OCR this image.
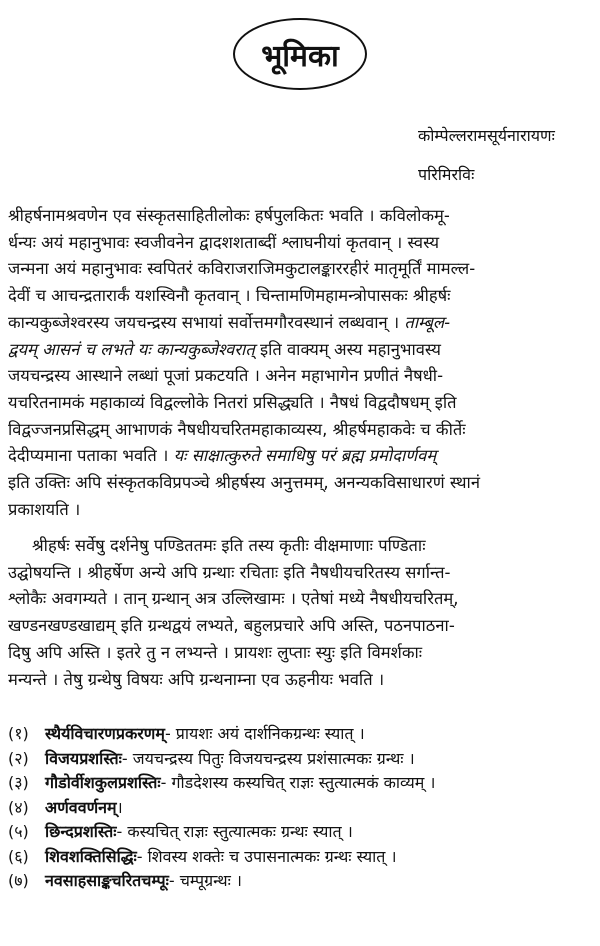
भूमिका
कोम्पेल्लरामसूर्यनारायणः
परिमिरविः
श्रीहर्षनामश्रवणेन एव संस्कृतसाहितीलोकः हर्षपुलकितः भवति । कविलोकमू-
र्धन्यः अयं महानुभावः स्वजीवनेन द्वादशशताब्दीं श्लाघनीयां कृतवान् । स्वस्य
जन्मना अयं महानुभावः स्वपितरं कविराजराजिमकुटालङ्काररहीरं मातृमूर्तिं मामल्ल-
देवीं च आचन्द्रतारार्कं यशस्विनौ कृतवान् । चिन्तामणिमहामन्त्रोपासकः श्रीहर्षः
कान्यकुब्जेश्वरस्य जयचन्द्रस्य सभायां सर्वोत्तमगौरवस्थानं लब्धवान् । ताम्बूल-
द्वयम् आसनं च लभते यः कान्यकुब्जेश्वरात् इति वाक्यम् अस्य महानुभावस्य
जयचन्द्रस्य आस्थाने लब्धां पूजां प्रकटयति । अनेन महाभागेन प्रणीतं नैषधी-
यचरितनामकं महाकाव्यं विद्वल्लोके नितरां प्रसिद्ध्यति । नैषधं विद्वदौषधम् इति
विद्वज्जनप्रसिद्धम् आभाणकं नैषधीयचरितमहाकाव्यस्य, श्रीहर्षमहाकवेः च कीर्तेः
देदीप्यमाना पताका भवति । यः साक्षात्कुरुते समाधिषु परं ब्रह्म प्रमोदार्णवम्
इति उक्तिः अपि संस्कृतकविप्रपञ्चे श्रीहर्षस्य अनुत्तमम्, अनन्यकविसाधारणं स्थानं
प्रकाशयति ।
श्रीहर्षः सर्वेषु दर्शनेषु पण्डिततमः इति तस्य कृतीः वीक्षमाणाः पण्डिताः
उद्घोषयन्ति । श्रीहर्षेण अन्ये अपि ग्रन्थाः रचिताः इति नैषधीयचरितस्य सर्गान्त-
श्लोकैः अवगम्यते । तान् ग्रन्थान् अत्र उल्लिखामः । एतेषां मध्ये नैषधीयचरितम्,
खण्डनखण्डखाद्यम् इति ग्रन्थद्वयं लभ्यते, बहुलप्रचारे अपि अस्ति, पठनपाठना-
दिषु अपि अस्ति । इतरे तु न लभ्यन्ते । प्रायशः लुप्ताः स्युः इति विमर्शकाः
मन्यन्ते । तेषु ग्रन्थेषु विषयः अपि ग्रन्थनाम्ना एव ऊहनीयः भवति ।
(१)	स्थैर्यविचारणप्रकरणम् - प्रायशः अयं दार्शनिकग्रन्थः स्यात् ।
(२)	विजयप्रशस्तिः - जयचन्द्रस्य पितुः विजयचन्द्रस्य प्रशंसात्मकः ग्रन्थः ।
(३)	गौडोर्वीशकुलप्रशस्तिः - गौडदेशस्य कस्यचित् राज्ञः स्तुत्यात्मकं काव्यम् ।
(४)	अर्णववर्णनम् ।
(५)	छिन्दप्रशस्तिः - कस्यचित् राज्ञः स्तुत्यात्मकः ग्रन्थः स्यात् ।
(६)	शिवशक्तिसिद्धिः - शिवस्य शक्तेः च उपासनात्मकः ग्रन्थः स्यात् ।
(७)	नवसाहसाङ्कचरितचम्पूः - चम्पूग्रन्थः ।
